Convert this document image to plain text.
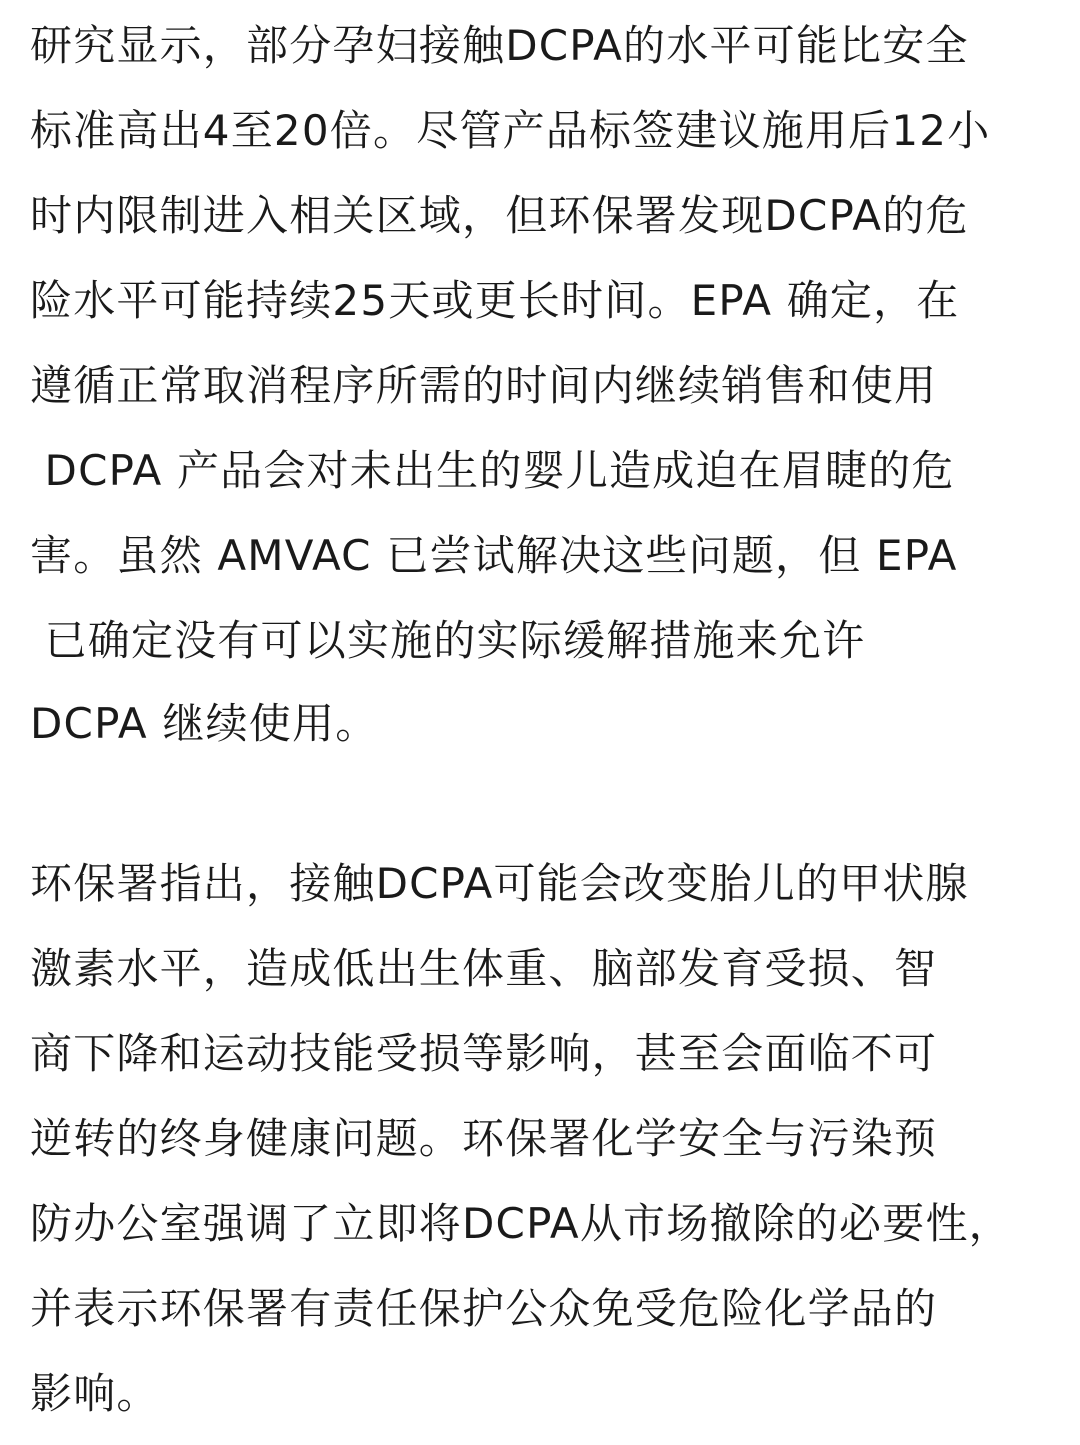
研究显示，部分孕妇接触DCPA的水平可能比安全
标准高出4至20倍。尽管产品标签建议施用后12小
时内限制进入相关区域，但环保署发现DCPA的危
险水平可能持续25天或更长时间。EPA 确定，在
遵循正常取消程序所需的时间内继续销售和使用
DCPA 产品会对未出生的婴儿造成迫在眉睫的危
害。虽然 AMVAC 已尝试解决这些问题，但 EPA
已确定没有可以实施的实际缓解措施来允许
DCPA 继续使用。
环保署指出，接触DCPA可能会改变胎儿的甲状腺
激素水平，造成低出生体重、脑部发育受损、智
商下降和运动技能受损等影响，甚至会面临不可
逆转的终身健康问题。环保署化学安全与污染预
防办公室强调了立即将DCPA从市场撤除的必要性，
并表示环保署有责任保护公众免受危险化学品的
影响。
